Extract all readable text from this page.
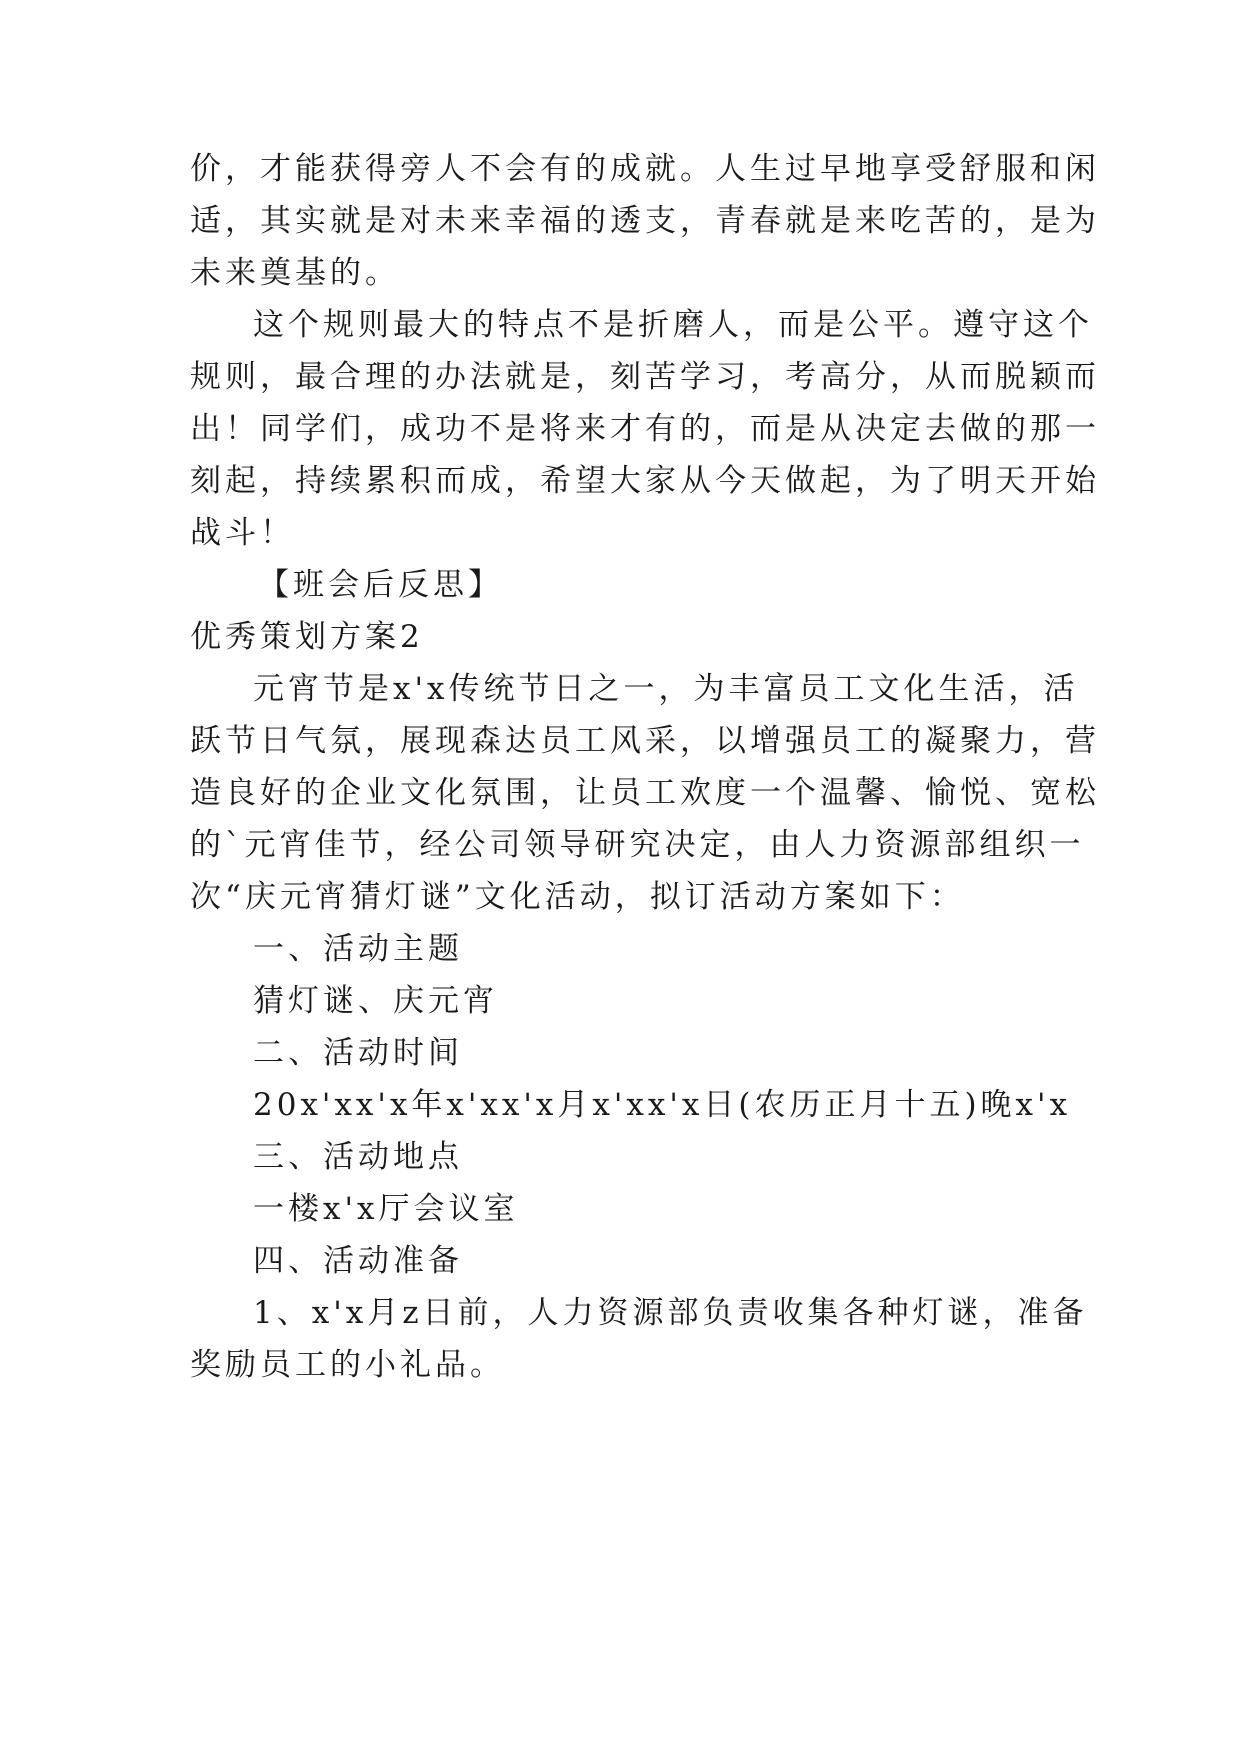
价，才能获得旁人不会有的成就。人生过早地享受舒服和闲
适，其实就是对未来幸福的透支，青春就是来吃苦的，是为
未来奠基的。
这个规则最大的特点不是折磨人，而是公平。遵守这个
规则，最合理的办法就是，刻苦学习，考高分，从而脱颖而
出！同学们，成功不是将来才有的，而是从决定去做的那一
刻起，持续累积而成，希望大家从今天做起，为了明天开始
战斗！
【班会后反思】
优秀策划方案2
元宵节是x'x传统节日之一，为丰富员工文化生活，活
跃节日气氛，展现森达员工风采，以增强员工的凝聚力，营
造良好的企业文化氛围，让员工欢度一个温馨、愉悦、宽松
的`元宵佳节，经公司领导研究决定，由人力资源部组织一
次“庆元宵猜灯谜”文化活动，拟订活动方案如下：
一、活动主题
猜灯谜、庆元宵
二、活动时间
20x'xx'x年x'xx'x月x'xx'x日(农历正月十五)晚x'x
三、活动地点
一楼x'x厅会议室
四、活动准备
1、x'x月z日前，人力资源部负责收集各种灯谜，准备
奖励员工的小礼品。
